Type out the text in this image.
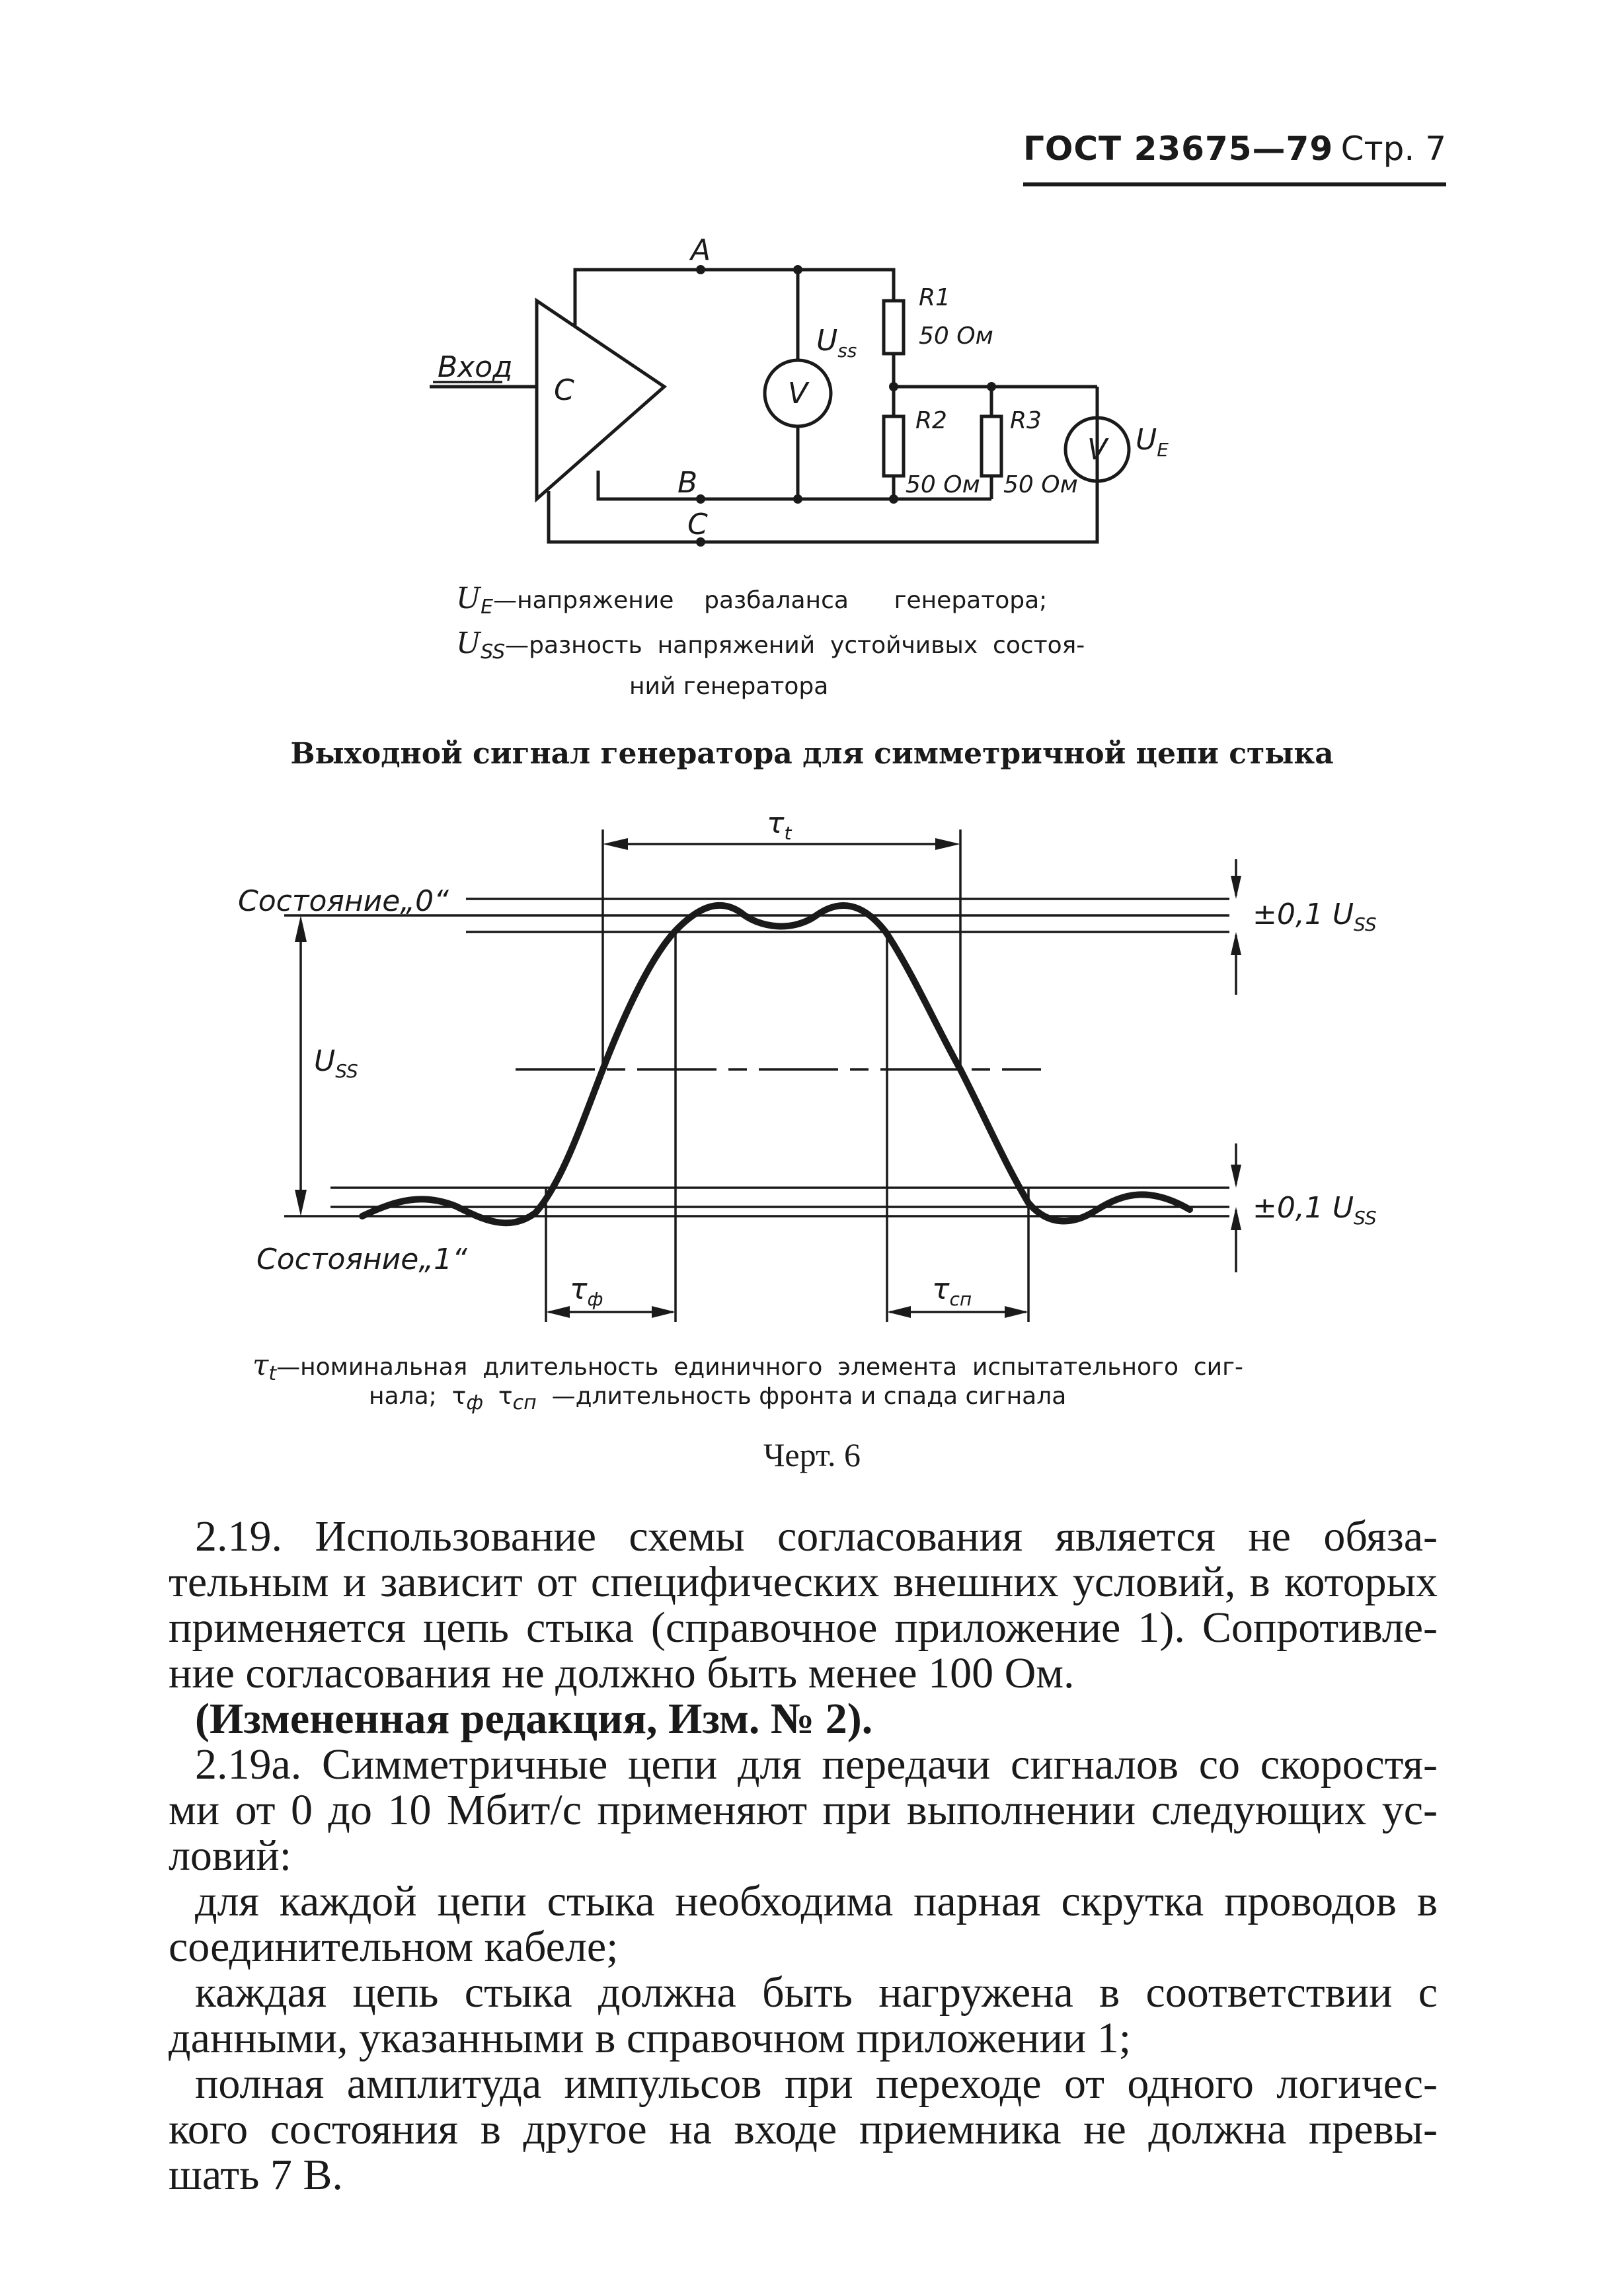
ГОСТ 23675—79 Стр. 7
Вход
C
A
B
C
V
V
$U_{ss}$
$U_E$
R1
50 Ом
R2
50 Ом
R3
50 Ом
$U_E—напряжение$    разбаланса      генератора;
$U_{SS}—разность$  напряжений  устойчивых  состоя-
ний генератора
Выходной сигнал генератора для симметричной цепи стыка
Состояние„0“
Состояние„1“
$\tau_t$
$\tau_ф$	$\tau_{сп}$
$U_{SS}$
±0,1 $U_{SS}$
±0,1 $U_{SS}$
$\tau_t—номинальная$  длительность  единичного  элемента  испытательного  сиг-
нала;  $\tau_ф$  $\tau_{сп}$  —длительность фронта и спада сигнала
Черт. 6
2.19. Использование схемы согласования является не обяза-
тельным и зависит от специфических внешних условий, в которых
применяется цепь стыка (справочное приложение 1). Сопротивле-
ние согласования не должно быть менее 100 Ом.
(Измененная редакция, Изм. № 2).
2.19а. Симметричные цепи для передачи сигналов со скоростя-
ми от 0 до 10 Мбит/с применяют при выполнении следующих ус-
ловий:
для каждой цепи стыка необходима парная скрутка проводов в
соединительном кабеле;
каждая цепь стыка должна быть нагружена в соответствии с
данными, указанными в справочном приложении 1;
полная амплитуда импульсов при переходе от одного логичес-
кого состояния в другое на входе приемника не должна превы-
шать 7 В.
